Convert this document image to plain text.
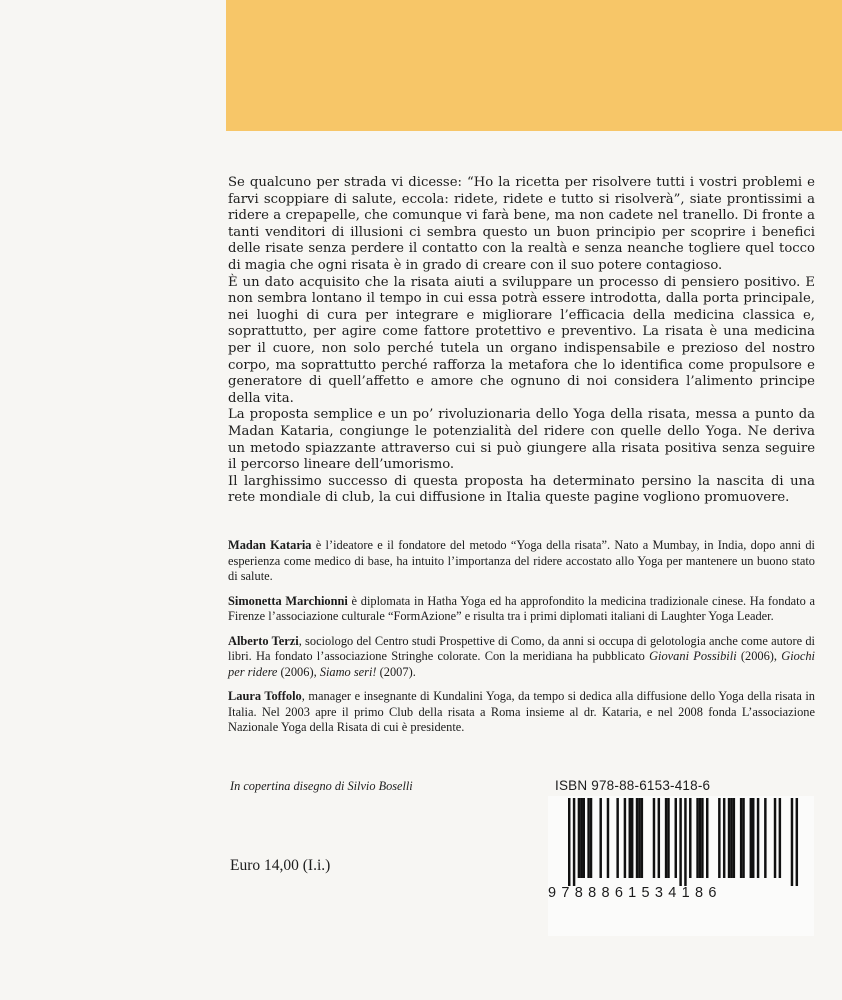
Se qualcuno per strada vi dicesse: “Ho la ricetta per risolvere tutti i vostri problemi e farvi scoppiare di salute, eccola: ridete, ridete e tutto si risolverà”, siate prontissimi a ridere a crepapelle, che comunque vi farà bene, ma non cadete nel tranello. Di fronte a tanti venditori di illusioni ci sembra questo un buon principio per scoprire i benefici delle risate senza perdere il contatto con la realtà e senza neanche togliere quel tocco di magia che ogni risata è in grado di creare con il suo potere contagioso.

È un dato acquisito che la risata aiuti a sviluppare un processo di pensiero positivo. E non sembra lontano il tempo in cui essa potrà essere introdotta, dalla porta principale, nei luoghi di cura per integrare e migliorare l’efficacia della medicina classica e, soprattutto, per agire come fattore protettivo e preventivo. La risata è una medicina per il cuore, non solo perché tutela un organo indispensabile e prezioso del nostro corpo, ma soprattutto perché rafforza la metafora che lo identifica come propulsore e generatore di quell’affetto e amore che ognuno di noi considera l’alimento principe della vita.

La proposta semplice e un po’ rivoluzionaria dello Yoga della risata, messa a punto da Madan Kataria, congiunge le potenzialità del ridere con quelle dello Yoga. Ne deriva un metodo spiazzante attraverso cui si può giungere alla risata positiva senza seguire il percorso lineare dell’umorismo.

Il larghissimo successo di questa proposta ha determinato persino la nascita di una rete mondiale di club, la cui diffusione in Italia queste pagine vogliono promuovere.

Madan Kataria è l’ideatore e il fondatore del metodo “Yoga della risata”. Nato a Mumbay, in India, dopo anni di esperienza come medico di base, ha intuito l’importanza del ridere accostato allo Yoga per mantenere un buono stato di salute.

Simonetta Marchionni è diplomata in Hatha Yoga ed ha approfondito la medicina tradizionale cinese. Ha fondato a Firenze l’associazione culturale “FormAzione” e risulta tra i primi diplomati italiani di Laughter Yoga Leader.

Alberto Terzi, sociologo del Centro studi Prospettive di Como, da anni si occupa di gelotologia anche come autore di libri. Ha fondato l’associazione Stringhe colorate. Con la meridiana ha pubblicato Giovani Possibili (2006), Giochi per ridere (2006), Siamo seri! (2007).

Laura Toffolo, manager e insegnante di Kundalini Yoga, da tempo si dedica alla diffusione dello Yoga della risata in Italia. Nel 2003 apre il primo Club della risata a Roma insieme al dr. Kataria, e nel 2008 fonda L’associazione Nazionale Yoga della Risata di cui è presidente.

In copertina disegno di Silvio Boselli
Euro 14,00 (I.i.)
ISBN 978-88-6153-418-6
9788861534186
